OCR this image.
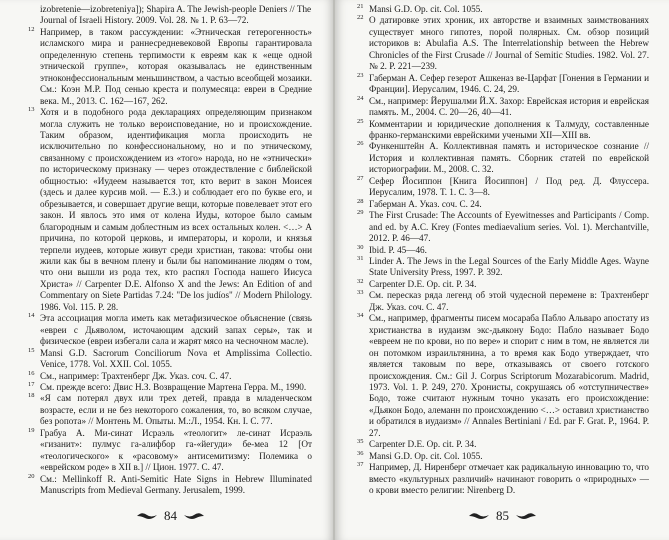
izobretenie—izobreteniya]); Shapira A. The Jewish-people Deniers // The Journal of Israeli History. 2009. Vol. 28. № 1. P. 63—72.

12 Например, в таком рассуждении: «Этническая гетерогенность» исламского мира и раннесредневековой Европы гарантировала определенную степень терпимости к евреям как к «еще одной этнической группе», которая оказывалась не единственным этноконфессиональным меньшинством, а частью всеобщей мозаики. См.: Коэн М.Р. Под сенью креста и полумесяца: евреи в Средние века. М., 2013. С. 162—167, 262.

13 Хотя и в подобного рода декларациях определяющим признаком могла служить не только вероисповедание, но и происхождение. Таким образом, идентификация могла происходить не исключительно по конфессиональному, но и по этническому, связанному с происхождением из «того» народа, но не «этнически» по историческому признаку — через отождествление с библейской общностью: «Иудеем называется тот, кто верит в закон Моисея (здесь и далее курсив мой. — Е.З.) и соблюдает его по букве его, и обрезывается, и совершает другие вещи, которые повелевает этот его закон. И явлось это имя от колена Иуды, которое было самым благородным и самым доблестным из всех остальных колен. <…> А причина, по которой церковь, и императоры, и короли, и князья терпели иудеев, которые живут среди христиан, такова: чтобы они жили как бы в вечном плену и были бы напоминание людям о том, что они вышли из рода тех, кто распял Господа нашего Иисуса Христа» // Carpenter D.E. Alfonso X and the Jews: An Edition of and Commentary on Siete Partidas 7.24: "De los judíos" // Modern Philology. 1986. Vol. 115. P. 28.

14 Эта ассоциация могла иметь как метафизическое объяснение (связь «евреи с Дьяволом, источающим адский запах серы», так и физическое (евреи избегали сала и жарят мясо на чесночном масле).

15 Mansi G.D. Sacrorum Conciliorum Nova et Amplissima Collectio. Venice, 1778. Vol. XXII. Col. 1055.

16 См., например: Трахтенберг Дж. Указ. соч. С. 47.

17 См. прежде всего: Двис Н.З. Возвращение Мартена Герра. М., 1990.

18 «Я сам потерял двух или трех детей, правда в младенческом возрасте, если и не без некоторого сожаления, то, во всяком случае, без ропота» // Монтень М. Опыты. М.:Л., 1954. Кн. I. С. 77.

19 Грабуа А. Ми-синат Исраэль «теологит» ле-синат Исраэль «гизанит»: пулмус га-алифбор га-«йегуди» бе-меа 12 [От «теологического» к «расовому» антисемитизму: Полемика о «еврейском роде» в XII в.] // Цион. 1977. С. 47.

20 См.: Mellinkoff R. Anti-Semitic Hate Signs in Hebrew Illuminated Manuscripts from Medieval Germany. Jerusalem, 1999.

84

21 Mansi G.D. Op. cit. Col. 1055.

22 О датировке этих хроник, их авторстве и взаимных заимствованиях существует много гипотез, порой полярных. См. обзор позиций историков в: Abulafia A.S. The Interrelationship between the Hebrew Chronicles of the First Crusade // Journal of Semitic Studies. 1982. Vol. 27. № 2. P. 221—239.

23 Габерман А. Сефер гезерот Ашкеназ ве-Царфат [Гонения в Германии и Франции]. Иерусалим, 1946. С. 24, 29.

24 См., например: Йерушалми Й.Х. Захор: Еврейская история и еврейская память. М., 2004. С. 20—26, 40—41.

25 Комментарии и юридические дополнения к Талмуду, составленные франко-германскими еврейскими учеными XII—XIII вв.

26 Функенштейн А. Коллективная память и историческое сознание // История и коллективная память. Сборник статей по еврейской историографии. М., 2008. С. 32.

27 Сефер Йосиппон [Книга Йосиппон] / Под ред. Д. Флуссера. Иерусалим, 1978. Т. 1. С. 3—8.

28 Габерман А. Указ. соч. С. 24.

29 The First Crusade: The Accounts of Eyewitnesses and Participants / Comp. and ed. by A.C. Krey (Fontes mediaevalium series. Vol. 1). Merchantville, 2012. P. 46—47.

30 Ibid. P. 45—46.

31 Linder A. The Jews in the Legal Sources of the Early Middle Ages. Wayne State University Press, 1997. P. 392.

32 Carpenter D.E. Op. cit. P. 34.

33 См. пересказ ряда легенд об этой чудесной перемене в: Трахтенберг Дж. Указ. соч. С. 47.

34 См., например, фрагменты писем мосараба Пабло Альваро апостату из христианства в иудаизм экс-дьякону Бодо: Пабло называет Бодо «евреем не по крови, но по вере» и спорит с ним в том, не является ли он потомком израильтянина, а то время как Бодо утверждает, что является таковым по вере, отказываясь от своего готского происхождения. См.: Gil J. Corpus Scriptorum Mozarabicorum. Madrid, 1973. Vol. 1. P. 249, 270. Хронисты, сокрушаясь об «отступничестве» Бодо, тоже считают нужным точно указать его происхождение: «Дьякон Бодо, алеманн по происхождению <…> оставил христианство и обратился в иудаизм» // Annales Bertiniani / Ed. par F. Grat. P., 1964. P. 27.

35 Carpenter D.E. Op. cit. P. 34.

36 Mansi G.D. Op. cit. Col. 1055.

37 Например, Д. Ниренберг отмечает как радикальную инновацию то, что вместо «культурных различий» начинают говорить о «природных» — о крови вместо религии: Nirenberg D.

85
